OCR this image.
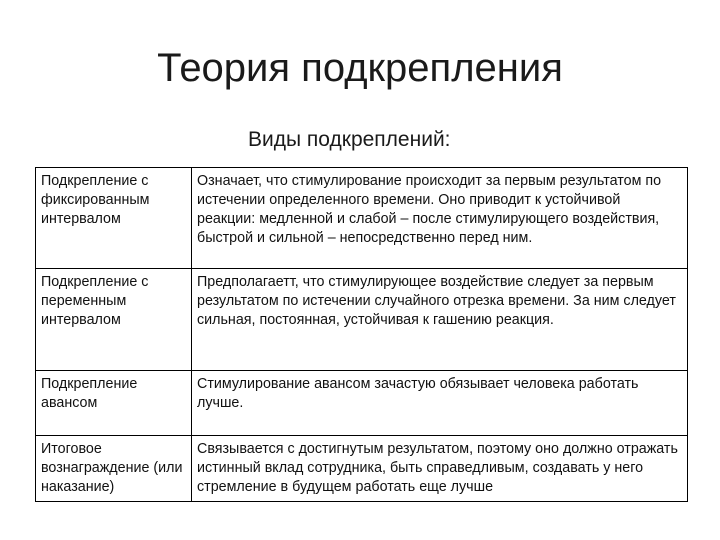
Теория подкрепления
Виды подкреплений:
Подкрепление с фиксированным интервалом	Означает, что стимулирование происходит за первым результатом по истечении определенного времени. Оно приводит к устойчивой реакции: медленной и слабой – после стимулирующего воздействия, быстрой и сильной – непосредственно перед ним.
Подкрепление с переменным интервалом	Предполагаетт, что стимулирующее воздействие следует за первым результатом по истечении случайного отрезка времени. За ним следует сильная, постоянная, устойчивая к гашению реакция.
Подкрепление авансом	Стимулирование авансом зачастую обязывает человека работать лучше.
Итоговое вознаграждение (или наказание)	Связывается с достигнутым результатом, поэтому оно должно отражать истинный вклад сотрудника, быть справедливым, создавать у него стремление в будущем работать еще лучше
